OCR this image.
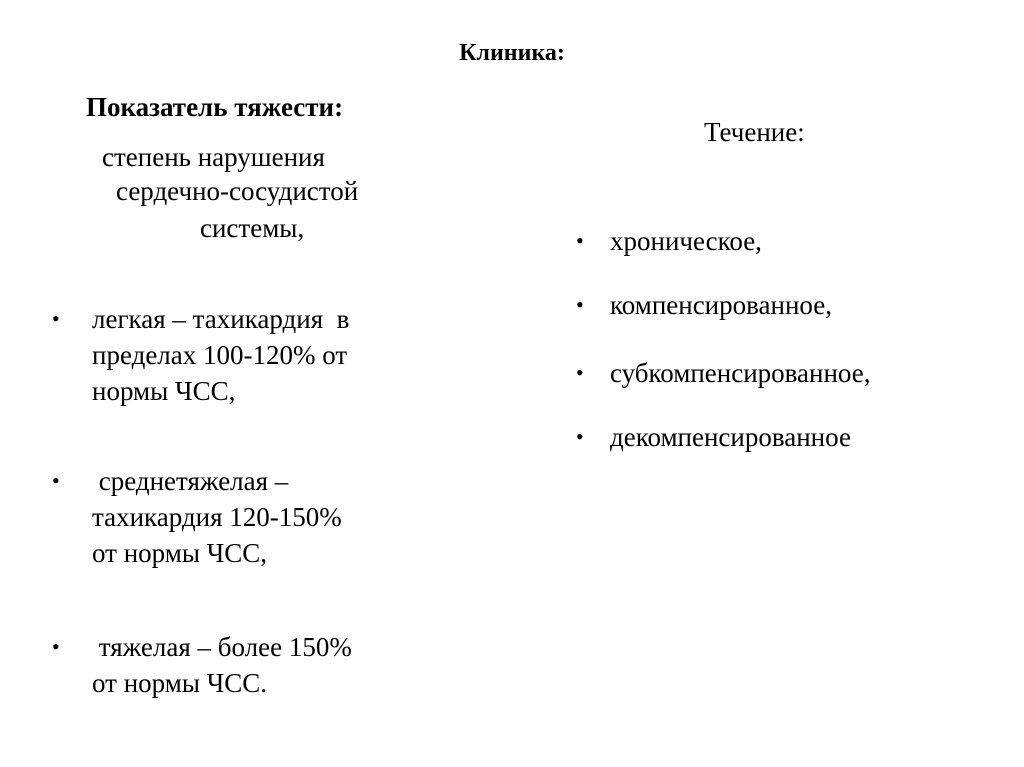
Клиника:
Показатель тяжести:
степень нарушения
сердечно-сосудистой
системы,
• легкая – тахикардия  в
пределах 100-120% от
нормы ЧСС,
• среднетяжелая –
тахикардия 120-150%
от нормы ЧСС,
• тяжелая – более 150%
от нормы ЧСС.
Течение:
• хроническое,
• компенсированное,
• субкомпенсированное,
• декомпенсированное
